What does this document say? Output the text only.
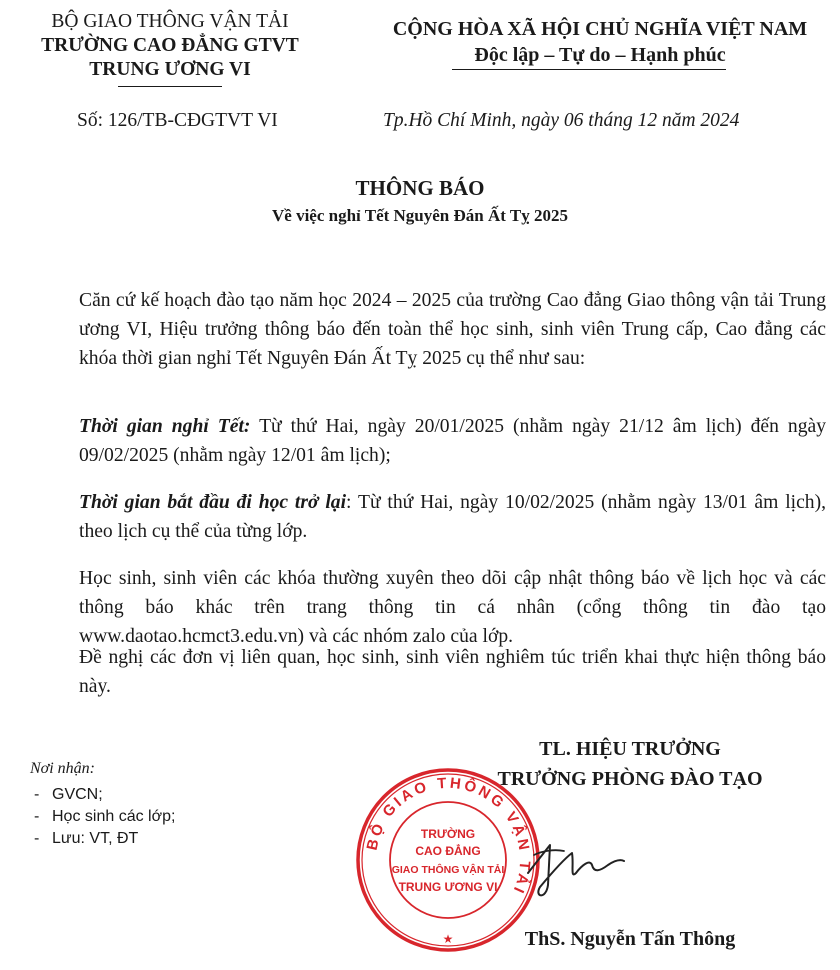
BỘ GIAO THÔNG VẬN TẢI
TRƯỜNG CAO ĐẲNG GTVT
TRUNG ƯƠNG VI
CỘNG HÒA XÃ HỘI CHỦ NGHĨA VIỆT NAM
Độc lập – Tự do – Hạnh phúc
Số: 126/TB-CĐGTVT VI	Tp.Hồ Chí Minh, ngày 06 tháng 12 năm 2024
THÔNG BÁO
Về việc nghỉ Tết Nguyên Đán Ất Tỵ 2025

Căn cứ kế hoạch đào tạo năm học 2024 – 2025 của trường Cao đẳng Giao thông vận tải Trung ương VI, Hiệu trưởng thông báo đến toàn thể học sinh, sinh viên Trung cấp, Cao đẳng các khóa thời gian nghỉ Tết Nguyên Đán Ất Tỵ 2025 cụ thể như sau:

Thời gian nghỉ Tết: Từ thứ Hai, ngày 20/01/2025 (nhằm ngày 21/12 âm lịch) đến ngày 09/02/2025 (nhằm ngày 12/01 âm lịch);

Thời gian bắt đầu đi học trở lại: Từ thứ Hai, ngày 10/02/2025 (nhằm ngày 13/01 âm lịch), theo lịch cụ thể của từng lớp.

Học sinh, sinh viên các khóa thường xuyên theo dõi cập nhật thông báo về lịch học và các thông báo khác trên trang thông tin cá nhân (cổng thông tin đào tạo www.daotao.hcmct3.edu.vn) và các nhóm zalo của lớp.

Đề nghị các đơn vị liên quan, học sinh, sinh viên nghiêm túc triển khai thực hiện thông báo này.

TL. HIỆU TRƯỞNG
TRƯỞNG PHÒNG ĐÀO TẠO
BỘ GIAO THÔNG VẬN TẢI
TRƯỜNG
CAO ĐẲNG
GIAO THÔNG VẬN TẢI
TRUNG ƯƠNG VI
★	ThS. Nguyễn Tấn Thông
Nơi nhận:
- GVCN;
- Học sinh các lớp;
- Lưu: VT, ĐT
